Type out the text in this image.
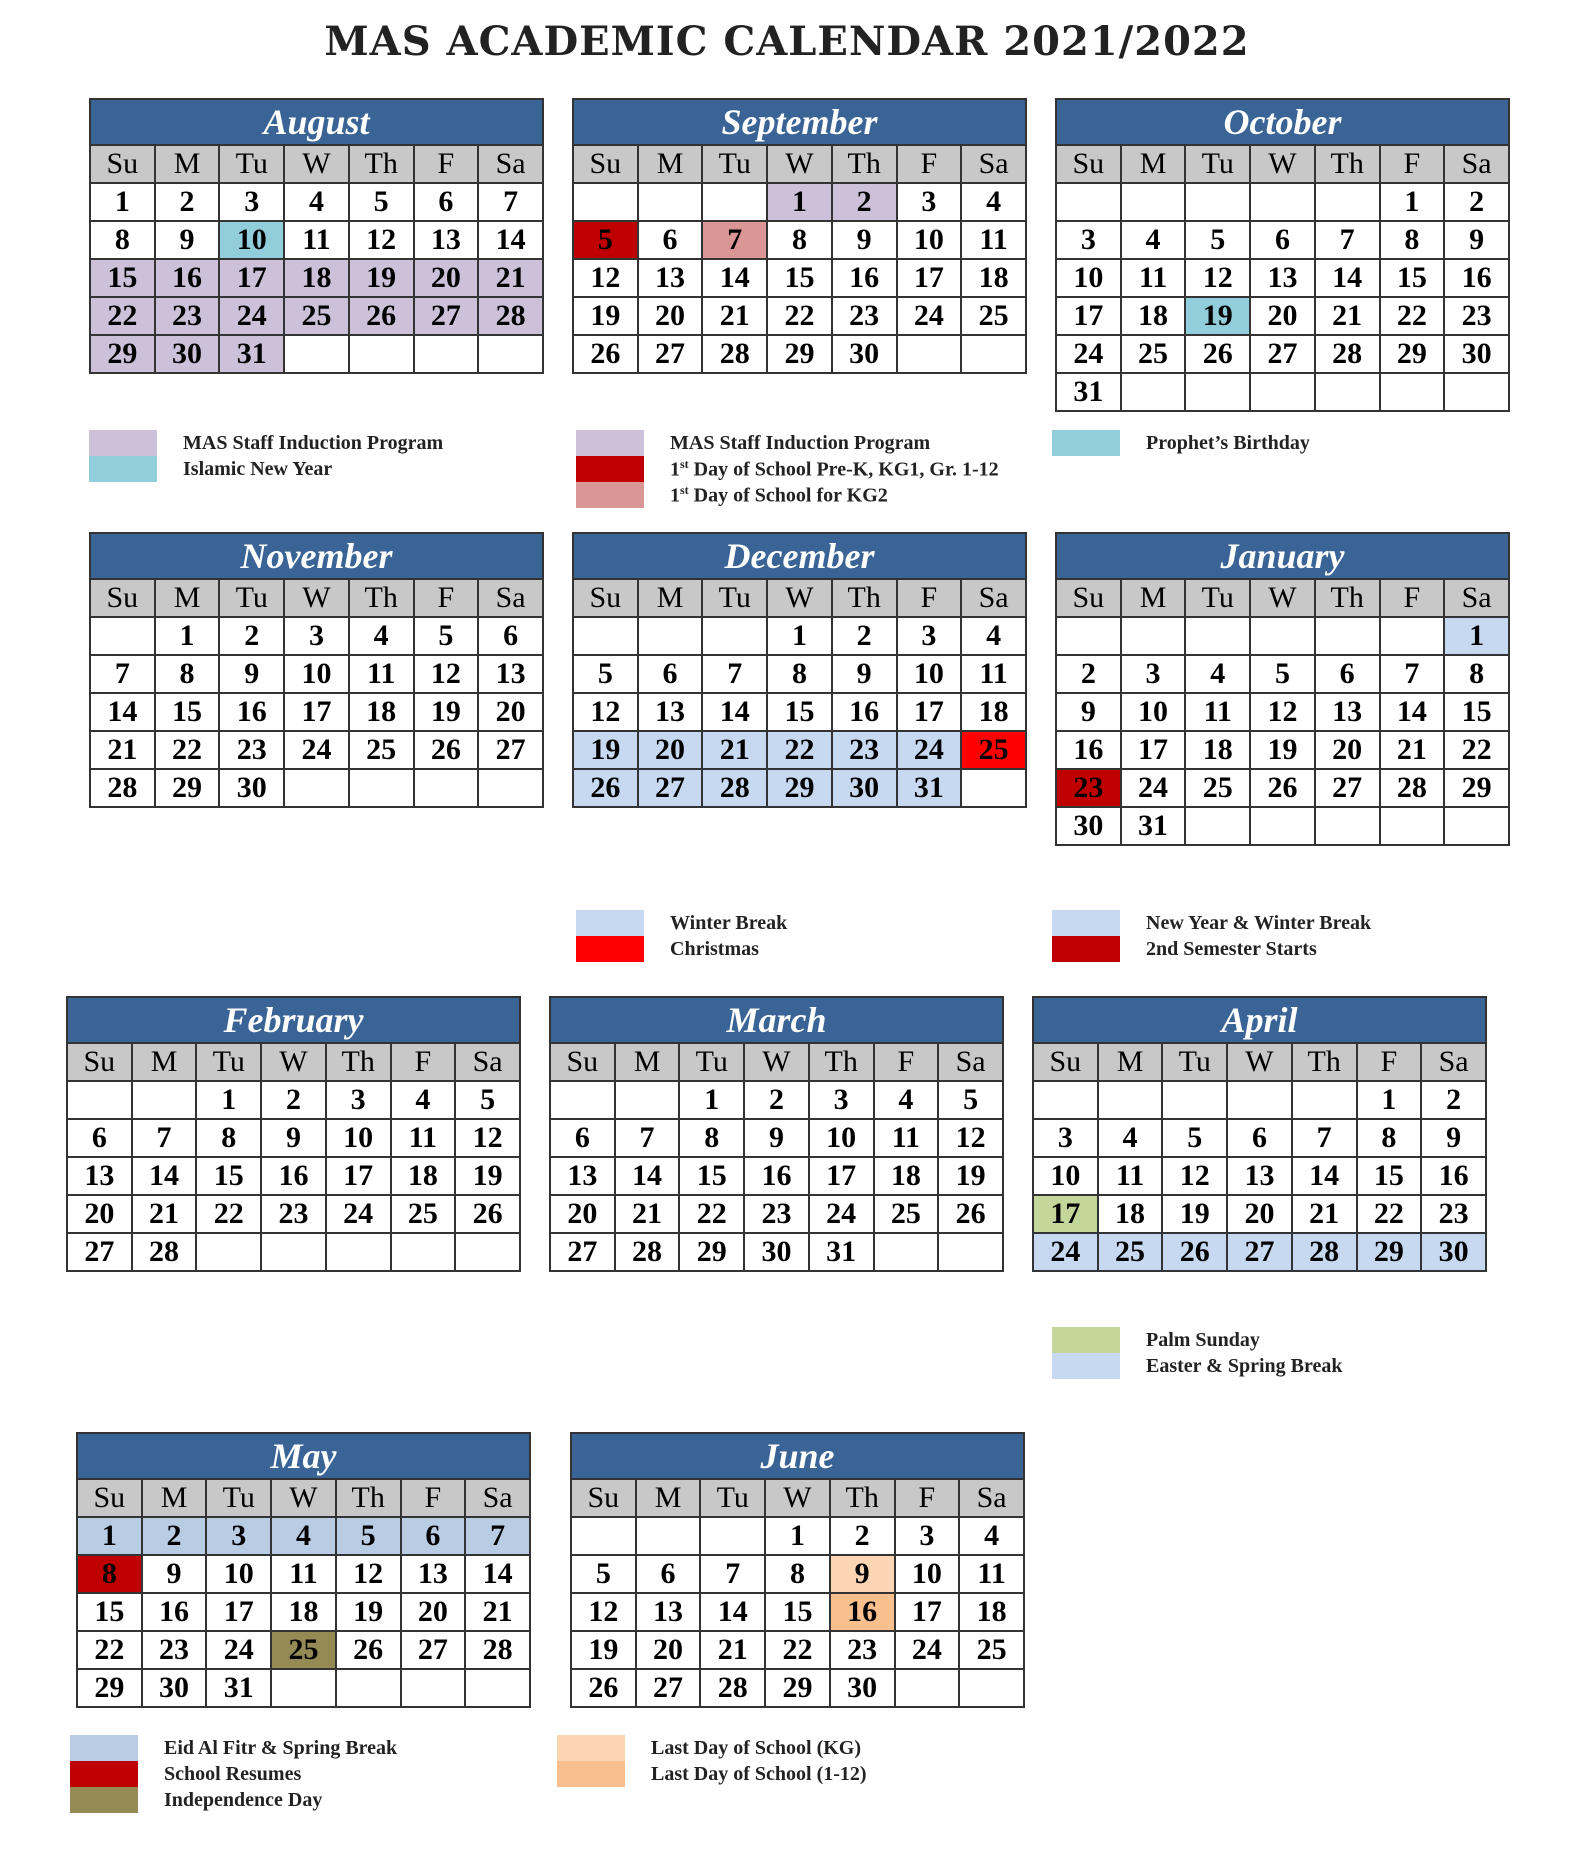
MAS ACADEMIC CALENDAR 2021/2022
August						
Su	M	Tu	W	Th	F	Sa
1	2	3	4	5	6	7
8	9	10	11	12	13	14
15	16	17	18	19	20	21
22	23	24	25	26	27	28
29	30	31				
September						
Su	M	Tu	W	Th	F	Sa
			1	2	3	4
5	6	7	8	9	10	11
12	13	14	15	16	17	18
19	20	21	22	23	24	25
26	27	28	29	30		
October						
Su	M	Tu	W	Th	F	Sa
					1	2
3	4	5	6	7	8	9
10	11	12	13	14	15	16
17	18	19	20	21	22	23
24	25	26	27	28	29	30
31						
November						
Su	M	Tu	W	Th	F	Sa
	1	2	3	4	5	6
7	8	9	10	11	12	13
14	15	16	17	18	19	20
21	22	23	24	25	26	27
28	29	30				
December						
Su	M	Tu	W	Th	F	Sa
			1	2	3	4
5	6	7	8	9	10	11
12	13	14	15	16	17	18
19	20	21	22	23	24	25
26	27	28	29	30	31	
January						
Su	M	Tu	W	Th	F	Sa
						1
2	3	4	5	6	7	8
9	10	11	12	13	14	15
16	17	18	19	20	21	22
23	24	25	26	27	28	29
30	31					
February						
Su	M	Tu	W	Th	F	Sa
		1	2	3	4	5
6	7	8	9	10	11	12
13	14	15	16	17	18	19
20	21	22	23	24	25	26
27	28					
March						
Su	M	Tu	W	Th	F	Sa
		1	2	3	4	5
6	7	8	9	10	11	12
13	14	15	16	17	18	19
20	21	22	23	24	25	26
27	28	29	30	31		
April						
Su	M	Tu	W	Th	F	Sa
					1	2
3	4	5	6	7	8	9
10	11	12	13	14	15	16
17	18	19	20	21	22	23
24	25	26	27	28	29	30
May						
Su	M	Tu	W	Th	F	Sa
1	2	3	4	5	6	7
8	9	10	11	12	13	14
15	16	17	18	19	20	21
22	23	24	25	26	27	28
29	30	31				
June						
Su	M	Tu	W	Th	F	Sa
			1	2	3	4
5	6	7	8	9	10	11
12	13	14	15	16	17	18
19	20	21	22	23	24	25
26	27	28	29	30		
MAS Staff Induction Program
Islamic New Year
MAS Staff Induction Program
1st Day of School Pre-K, KG1, Gr. 1-12
1st Day of School for KG2
Prophet’s Birthday
Winter Break
Christmas
New Year & Winter Break
2nd Semester Starts
Palm Sunday
Easter & Spring Break
Eid Al Fitr & Spring Break
School Resumes
Independence Day
Last Day of School (KG)
Last Day of School (1-12)
